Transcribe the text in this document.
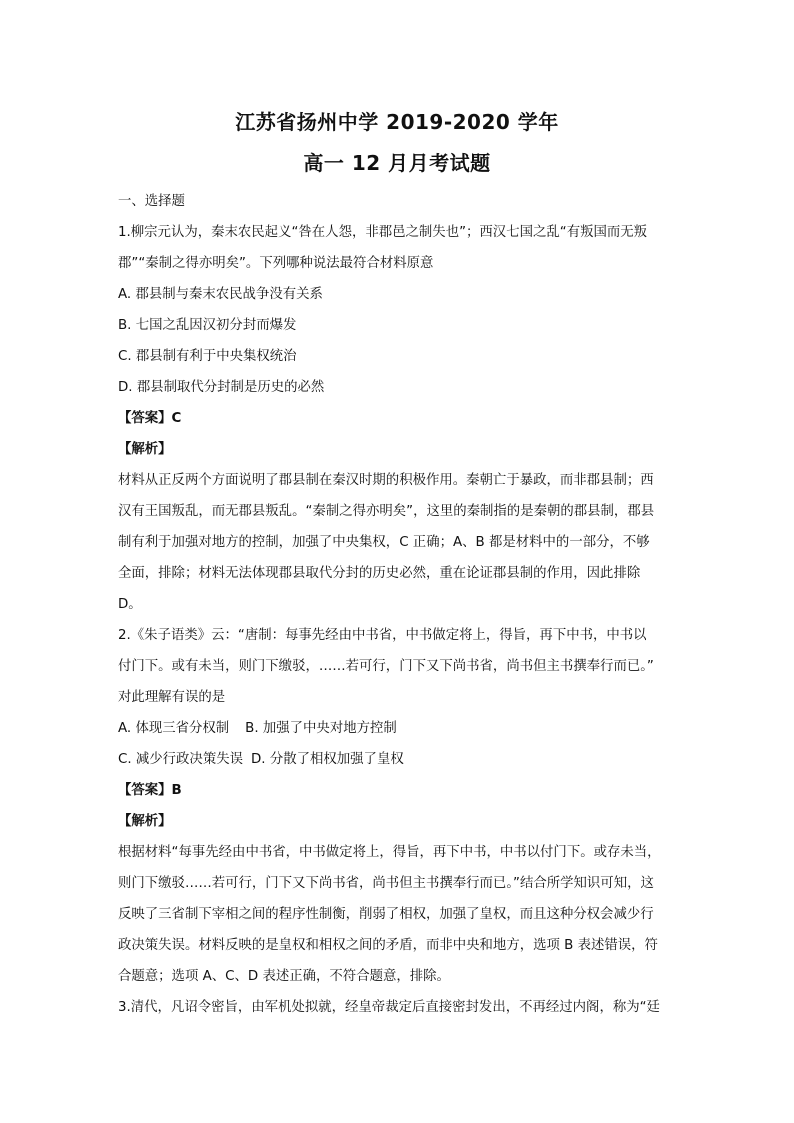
江苏省扬州中学 2019-2020 学年
高一 12 月月考试题
一、选择题
1.柳宗元认为，秦末农民起义“咎在人怨，非郡邑之制失也”；西汉七国之乱“有叛国而无叛
郡”“秦制之得亦明矣”。下列哪种说法最符合材料原意
A. 郡县制与秦末农民战争没有关系
B. 七国之乱因汉初分封而爆发
C. 郡县制有利于中央集权统治
D. 郡县制取代分封制是历史的必然
【答案】C
【解析】
材料从正反两个方面说明了郡县制在秦汉时期的积极作用。秦朝亡于暴政，而非郡县制；西
汉有王国叛乱，而无郡县叛乱。“秦制之得亦明矣”，这里的秦制指的是秦朝的郡县制，郡县
制有利于加强对地方的控制，加强了中央集权，C 正确；A、B 都是材料中的一部分，不够
全面，排除；材料无法体现郡县取代分封的历史必然，重在论证郡县制的作用，因此排除
D。
2.《朱子语类》云：“唐制：每事先经由中书省，中书做定将上，得旨，再下中书，中书以
付门下。或有未当，则门下缴驳，……若可行，门下又下尚书省，尚书但主书撰奉行而已。”
对此理解有误的是
A. 体现三省分权制 B. 加强了中央对地方控制
C. 减少行政决策失误 D. 分散了相权加强了皇权
【答案】B
【解析】
根据材料“每事先经由中书省，中书做定将上，得旨，再下中书，中书以付门下。或存未当，
则门下缴驳……若可行，门下又下尚书省，尚书但主书撰奉行而已。”结合所学知识可知，这
反映了三省制下宰相之间的程序性制衡，削弱了相权，加强了皇权，而且这种分权会减少行
政决策失误。材料反映的是皇权和相权之间的矛盾，而非中央和地方，选项 B 表述错误，符
合题意；选项 A、C、D 表述正确，不符合题意，排除。
3.清代，凡诏令密旨，由军机处拟就，经皇帝裁定后直接密封发出，不再经过内阁，称为“廷
